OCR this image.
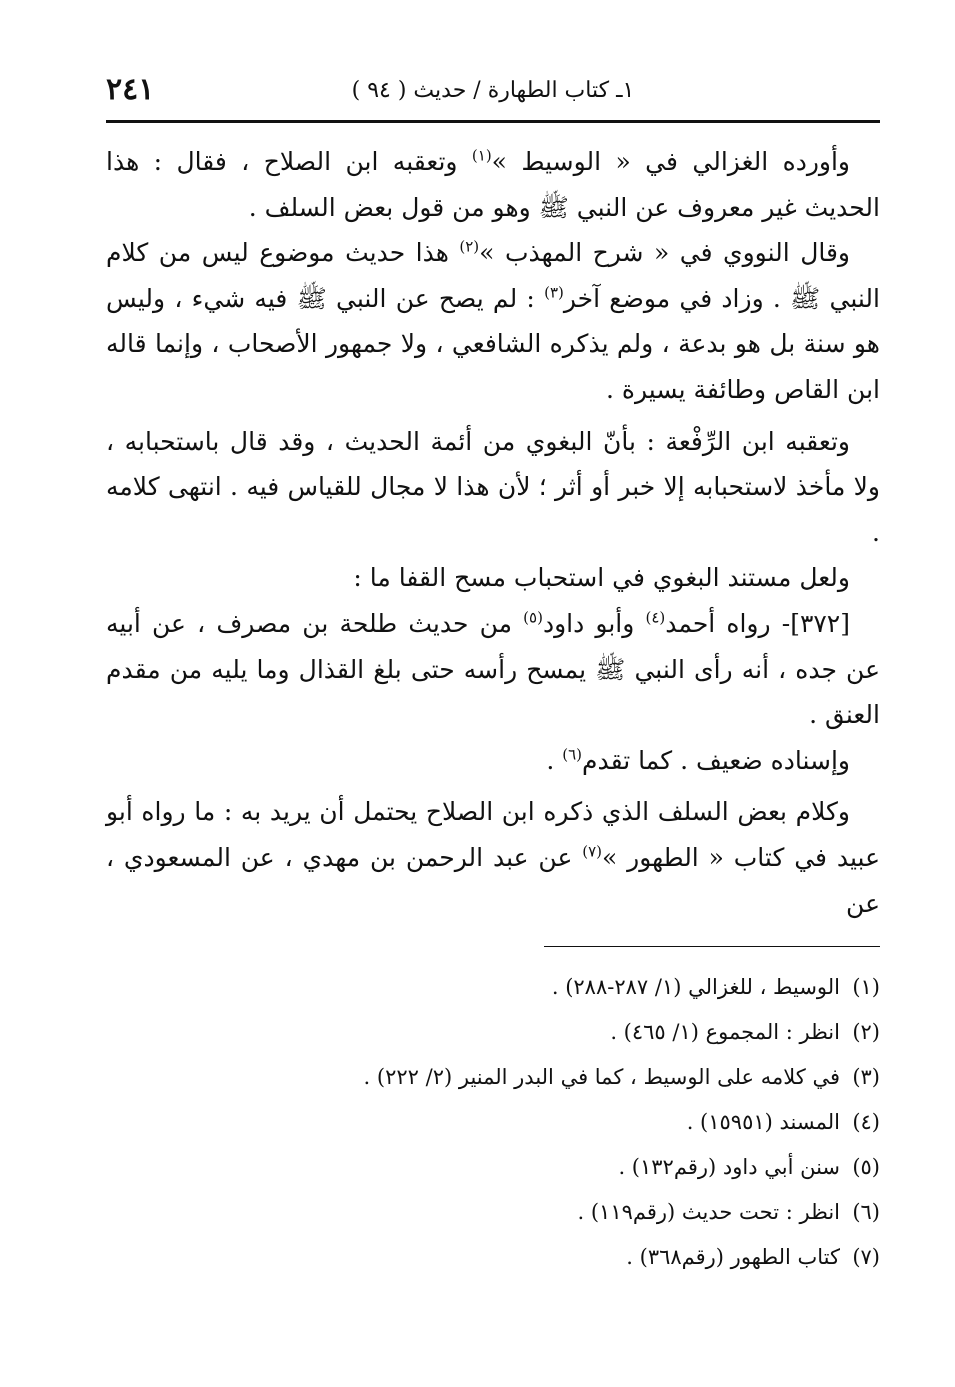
١ـ كتاب الطهارة / حديث ( ٩٤ )
٢٤١

وأورده الغزالي في « الوسيط »$^{(١)}$ وتعقبه ابن الصلاح ، فقال : هذا الحديث غير معروف عن النبي ﷺ وهو من قول بعض السلف .

وقال النووي في « شرح المهذب »$^{(٢)}$ هذا حديث موضوع ليس من كلام النبي ﷺ . وزاد في موضع آخر$^{(٣)}$ : لم يصح عن النبي ﷺ فيه شيء ، وليس هو سنة بل هو بدعة ، ولم يذكره الشافعي ، ولا جمهور الأصحاب ، وإنما قاله ابن القاص وطائفة يسيرة .

وتعقبه ابن الرِّفْعة : بأنّ البغوي من أئمة الحديث ، وقد قال باستحبابه ، ولا مأخذ لاستحبابه إلا خبر أو أثر ؛ لأن هذا لا مجال للقياس فيه . انتهى كلامه .

ولعل مستند البغوي في استحباب مسح القفا ما :

[٣٧٢]- رواه أحمد$^{(٤)}$ وأبو داود$^{(٥)}$ من حديث طلحة بن مصرف ، عن أبيه عن جده ، أنه رأى النبي ﷺ يمسح رأسه حتى بلغ القذال وما يليه من مقدم العنق .

وإسناده ضعيف . كما تقدم$^{(٦)}$ .

وكلام بعض السلف الذي ذكره ابن الصلاح يحتمل أن يريد به : ما رواه أبو عبيد في كتاب « الطهور »$^{(٧)}$ عن عبد الرحمن بن مهدي ، عن المسعودي ، عن

(١)
الوسيط ، للغزالي (١/ ٢٨٧-٢٨٨) .
(٢)
انظر : المجموع (١/ ٤٦٥) .
(٣)
في كلامه على الوسيط ، كما في البدر المنير (٢/ ٢٢٢) .
(٤)
المسند (١٥٩٥١) .
(٥)
سنن أبي داود (رقم١٣٢) .
(٦)
انظر : تحت حديث (رقم١١٩) .
(٧)
كتاب الطهور (رقم٣٦٨) .
